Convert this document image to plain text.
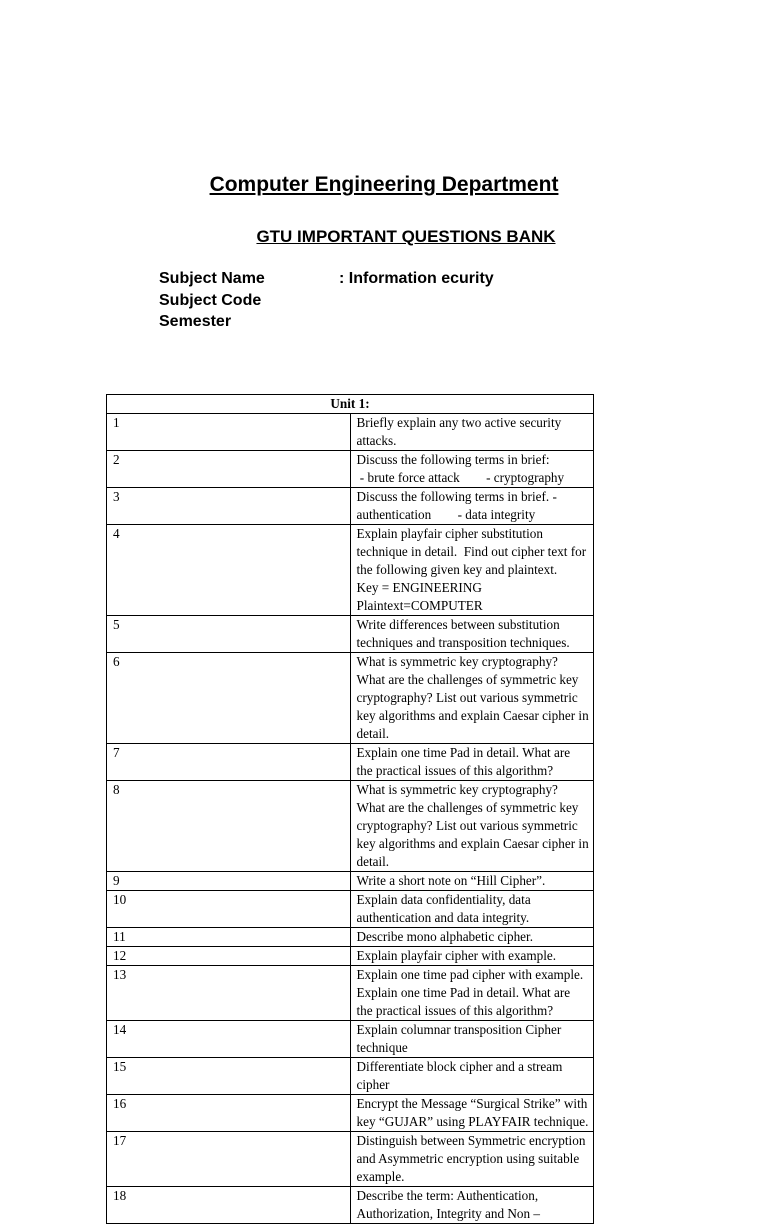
Computer Engineering Department
GTU IMPORTANT QUESTIONS BANK
Subject Name	: Information ecurity
Subject Code
Semester
Unit 1:	
1	Briefly explain any two active security attacks.
2	Discuss the following terms in brief:
- brute force attack        - cryptography
3	Discuss the following terms in brief. - authentication        - data integrity
4	Explain playfair cipher substitution technique in detail.  Find out cipher text for the following given key and plaintext.          Key = ENGINEERING         Plaintext=COMPUTER
5	Write differences between substitution techniques and transposition techniques.
6	What is symmetric key cryptography? What are the challenges of symmetric key cryptography? List out various symmetric key algorithms and explain Caesar cipher in detail.
7	Explain one time Pad in detail. What are the practical issues of this algorithm?
8	What is symmetric key cryptography? What are the challenges of symmetric key cryptography? List out various symmetric key algorithms and explain Caesar cipher in detail.
9	Write a short note on “Hill Cipher”.
10	Explain data confidentiality, data authentication and data integrity.
11	Describe mono alphabetic cipher.
12	Explain playfair cipher with example.
13	Explain one time pad cipher with example.
Explain one time Pad in detail. What are the practical issues of this algorithm?
14	Explain columnar transposition Cipher technique
15	Differentiate block cipher and a stream cipher
16	Encrypt the Message “Surgical Strike” with key “GUJAR” using PLAYFAIR technique.
17	Distinguish between Symmetric encryption and Asymmetric encryption using suitable example.
18	Describe the term: Authentication, Authorization, Integrity and Non –
